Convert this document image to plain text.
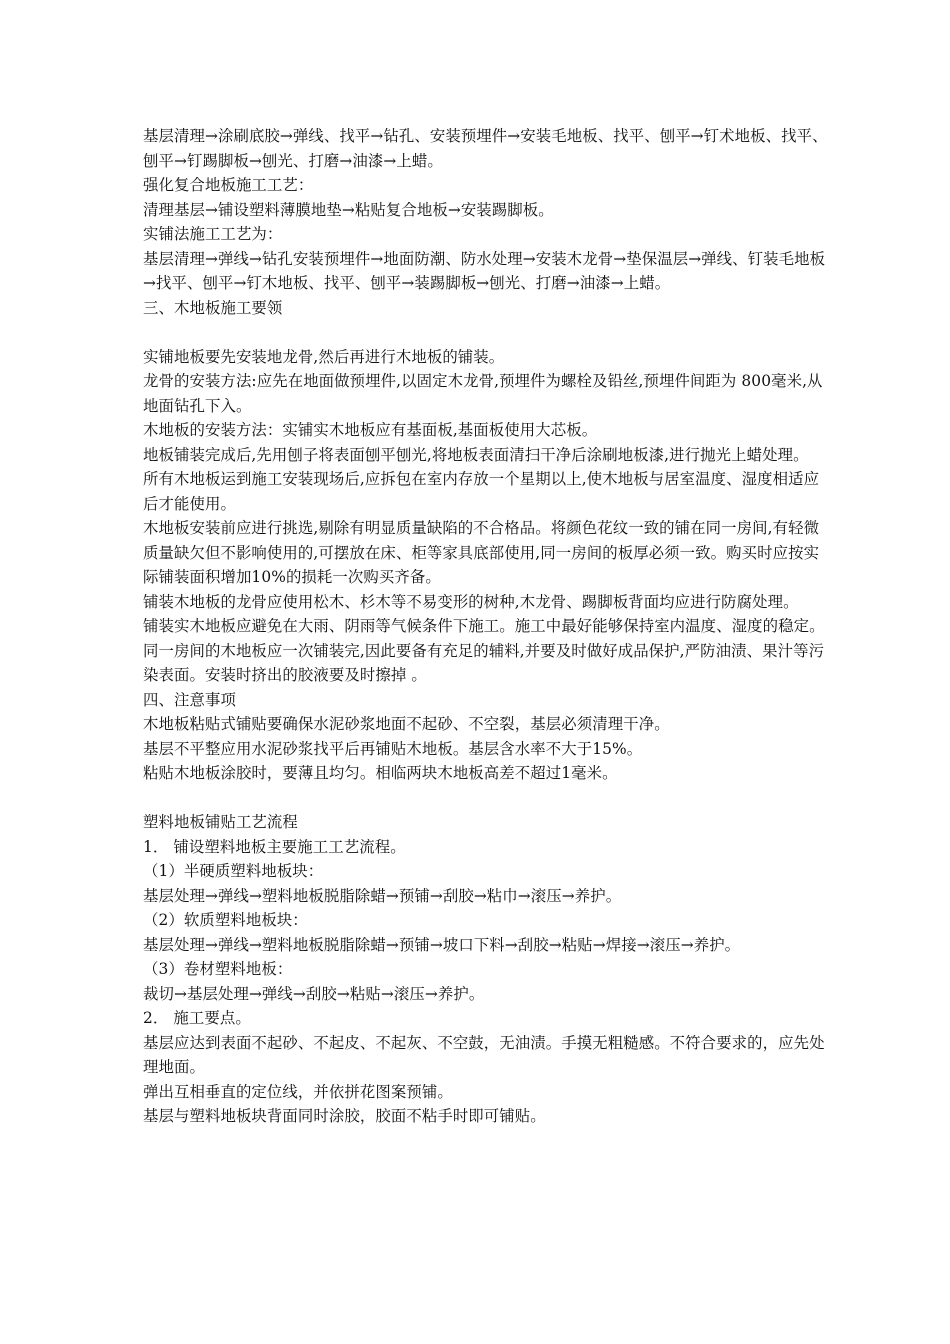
基层清理→涂刷底胶→弹线、找平→钻孔、安装预埋件→安装毛地板、找平、刨平→钉术地板、找平、刨平→钉踢脚板→刨光、打磨→油漆→上蜡。

强化复合地板施工工艺：

清理基层→铺设塑料薄膜地垫→粘贴复合地板→安装踢脚板。

实铺法施工工艺为：

基层清理→弹线→钻孔安装预埋件→地面防潮、防水处理→安装木龙骨→垫保温层→弹线、钉装毛地板→找平、刨平→钉木地板、找平、刨平→装踢脚板→刨光、打磨→油漆→上蜡。

三、木地板施工要领

实铺地板要先安装地龙骨,然后再进行木地板的铺装。

龙骨的安装方法:应先在地面做预埋件,以固定木龙骨,预埋件为螺栓及铅丝,预埋件间距为 800毫米,从地面钻孔下入。

木地板的安装方法：实铺实木地板应有基面板,基面板使用大芯板。

地板铺装完成后,先用刨子将表面刨平刨光,将地板表面清扫干净后涂刷地板漆,进行抛光上蜡处理。

所有木地板运到施工安装现场后,应拆包在室内存放一个星期以上,使木地板与居室温度、湿度相适应后才能使用。

木地板安装前应进行挑选,剔除有明显质量缺陷的不合格品。将颜色花纹一致的铺在同一房间,有轻微质量缺欠但不影响使用的,可摆放在床、柜等家具底部使用,同一房间的板厚必须一致。购买时应按实际铺装面积增加10%的损耗一次购买齐备。

铺装木地板的龙骨应使用松木、杉木等不易变形的树种,木龙骨、踢脚板背面均应进行防腐处理。

铺装实木地板应避免在大雨、阴雨等气候条件下施工。施工中最好能够保持室内温度、湿度的稳定。

同一房间的木地板应一次铺装完,因此要备有充足的辅料,并要及时做好成品保护,严防油渍、果汁等污染表面。安装时挤出的胶液要及时擦掉 。

四、注意事项

木地板粘贴式铺贴要确保水泥砂浆地面不起砂、不空裂，基层必须清理干净。

基层不平整应用水泥砂浆找平后再铺贴木地板。基层含水率不大于15%。

粘贴木地板涂胶时，要薄且均匀。相临两块木地板高差不超过1毫米。

塑料地板铺贴工艺流程

1． 铺设塑料地板主要施工工艺流程。

（1）半硬质塑料地板块：

基层处理→弹线→塑料地板脱脂除蜡→预铺→刮胶→粘巾→滚压→养护。

（2）软质塑料地板块：

基层处理→弹线→塑料地板脱脂除蜡→预铺→坡口下料→刮胶→粘贴→焊接→滚压→养护。

（3）卷材塑料地板：

裁切→基层处理→弹线→刮胶→粘贴→滚压→养护。

2． 施工要点。

基层应达到表面不起砂、不起皮、不起灰、不空鼓，无油渍。手摸无粗糙感。不符合要求的，应先处理地面。

弹出互相垂直的定位线，并依拼花图案预铺。

基层与塑料地板块背面同时涂胶，胶面不粘手时即可铺贴。
